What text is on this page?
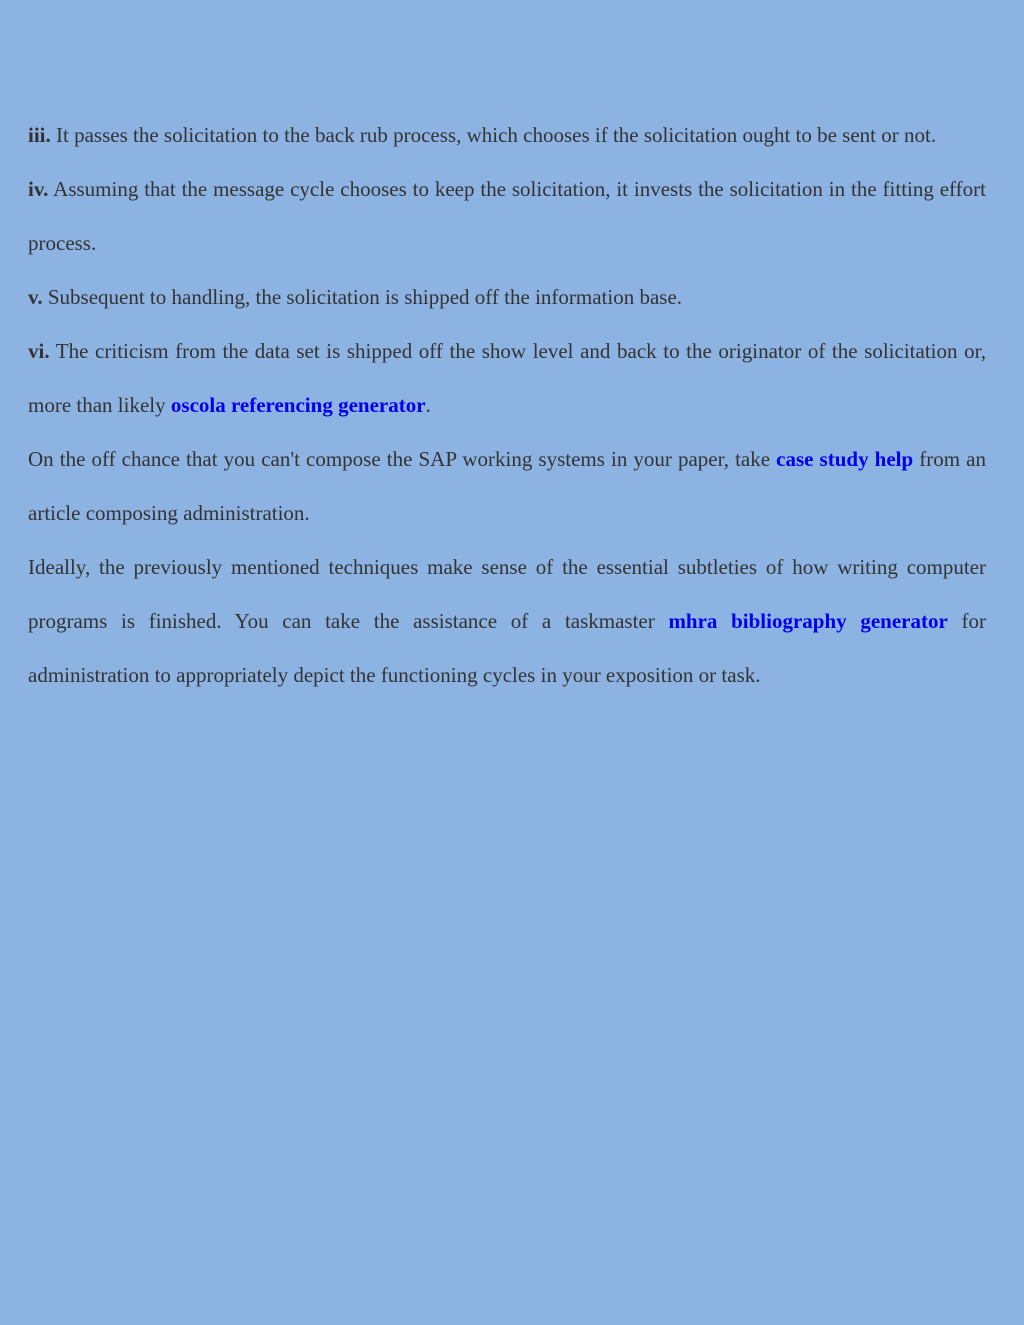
iii. It passes the solicitation to the back rub process, which chooses if the solicitation ought to be sent or not.

iv. Assuming that the message cycle chooses to keep the solicitation, it invests the solicitation in the fitting effort process.

v. Subsequent to handling, the solicitation is shipped off the information base.

vi. The criticism from the data set is shipped off the show level and back to the originator of the solicitation or, more than likely oscola referencing generator.

On the off chance that you can't compose the SAP working systems in your paper, take case study help from an article composing administration.

Ideally, the previously mentioned techniques make sense of the essential subtleties of how writing computer programs is finished. You can take the assistance of a taskmaster mhra bibliography generator for administration to appropriately depict the functioning cycles in your exposition or task.
